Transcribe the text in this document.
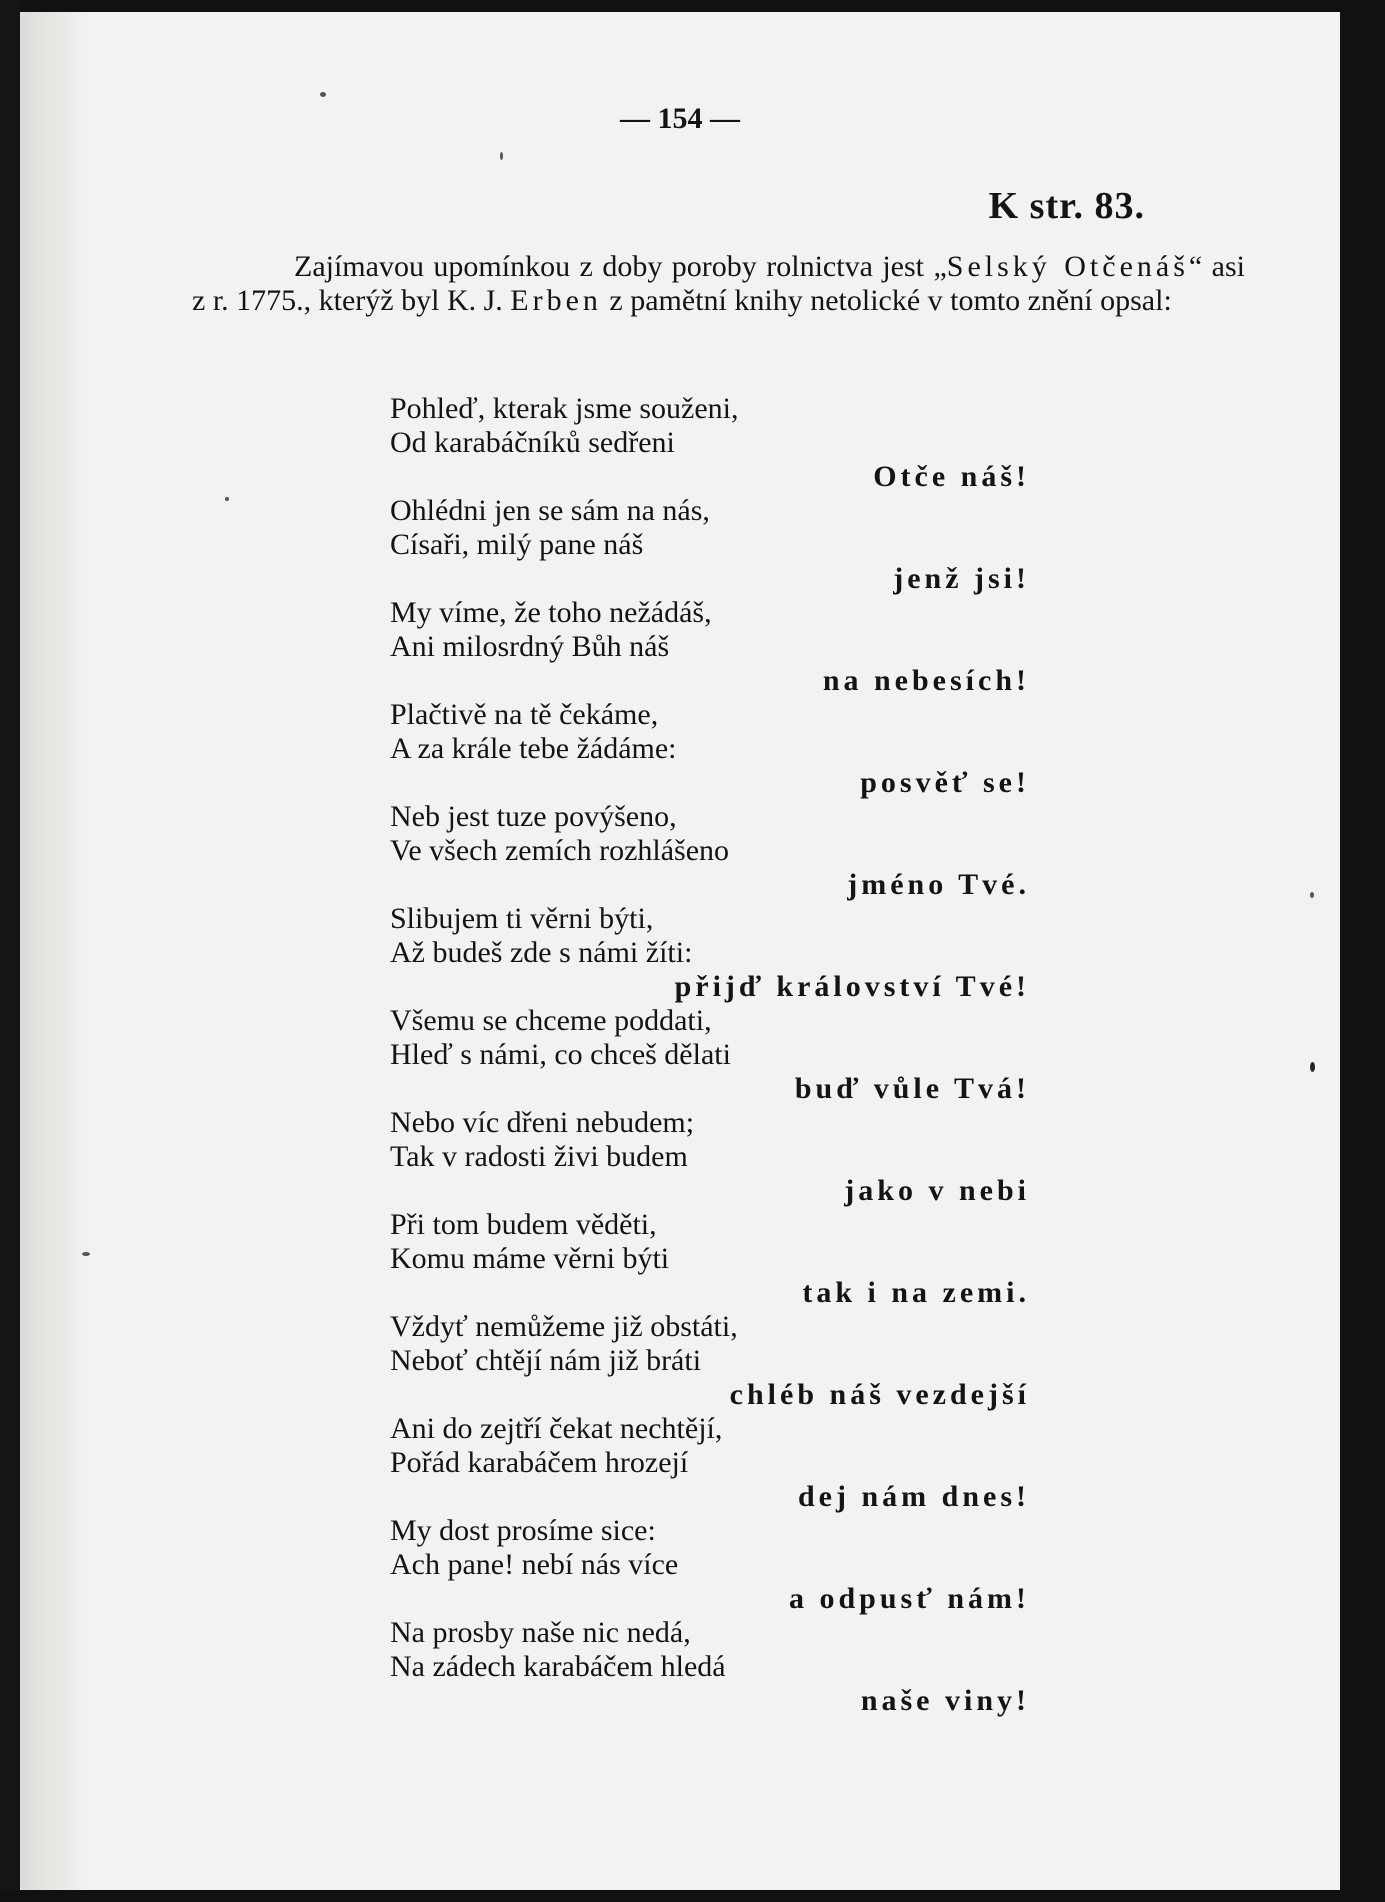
— 154 —
K str. 83.
Zajímavou upomínkou z doby poroby rolnictva jest „Selský Otčenáš“ asi z r. 1775., kterýž byl K. J. Erben z pamětní knihy netolické v tomto znění opsal:
Pohleď, kterak jsme souženi,
Od karabáčníků sedřeni
Otče náš!
Ohlédni jen se sám na nás,
Císaři, milý pane náš
jenž jsi!
My víme, že toho nežádáš,
Ani milosrdný Bůh náš
na nebesích!
Plačtivě na tě čekáme,
A za krále tebe žádáme:
posvěť se!
Neb jest tuze povýšeno,
Ve všech zemích rozhlášeno
jméno Tvé.
Slibujem ti věrni býti,
Až budeš zde s námi žíti:
přijď království Tvé!
Všemu se chceme poddati,
Hleď s námi, co chceš dělati
buď vůle Tvá!
Nebo víc dřeni nebudem;
Tak v radosti živi budem
jako v nebi
Při tom budem věděti,
Komu máme věrni býti
tak i na zemi.
Vždyť nemůžeme již obstáti,
Neboť chtějí nám již bráti
chléb náš vezdejší
Ani do zejtří čekat nechtějí,
Pořád karabáčem hrozejí
dej nám dnes!
My dost prosíme sice:
Ach pane! nebí nás více
a odpusť nám!
Na prosby naše nic nedá,
Na zádech karabáčem hledá
naše viny!
